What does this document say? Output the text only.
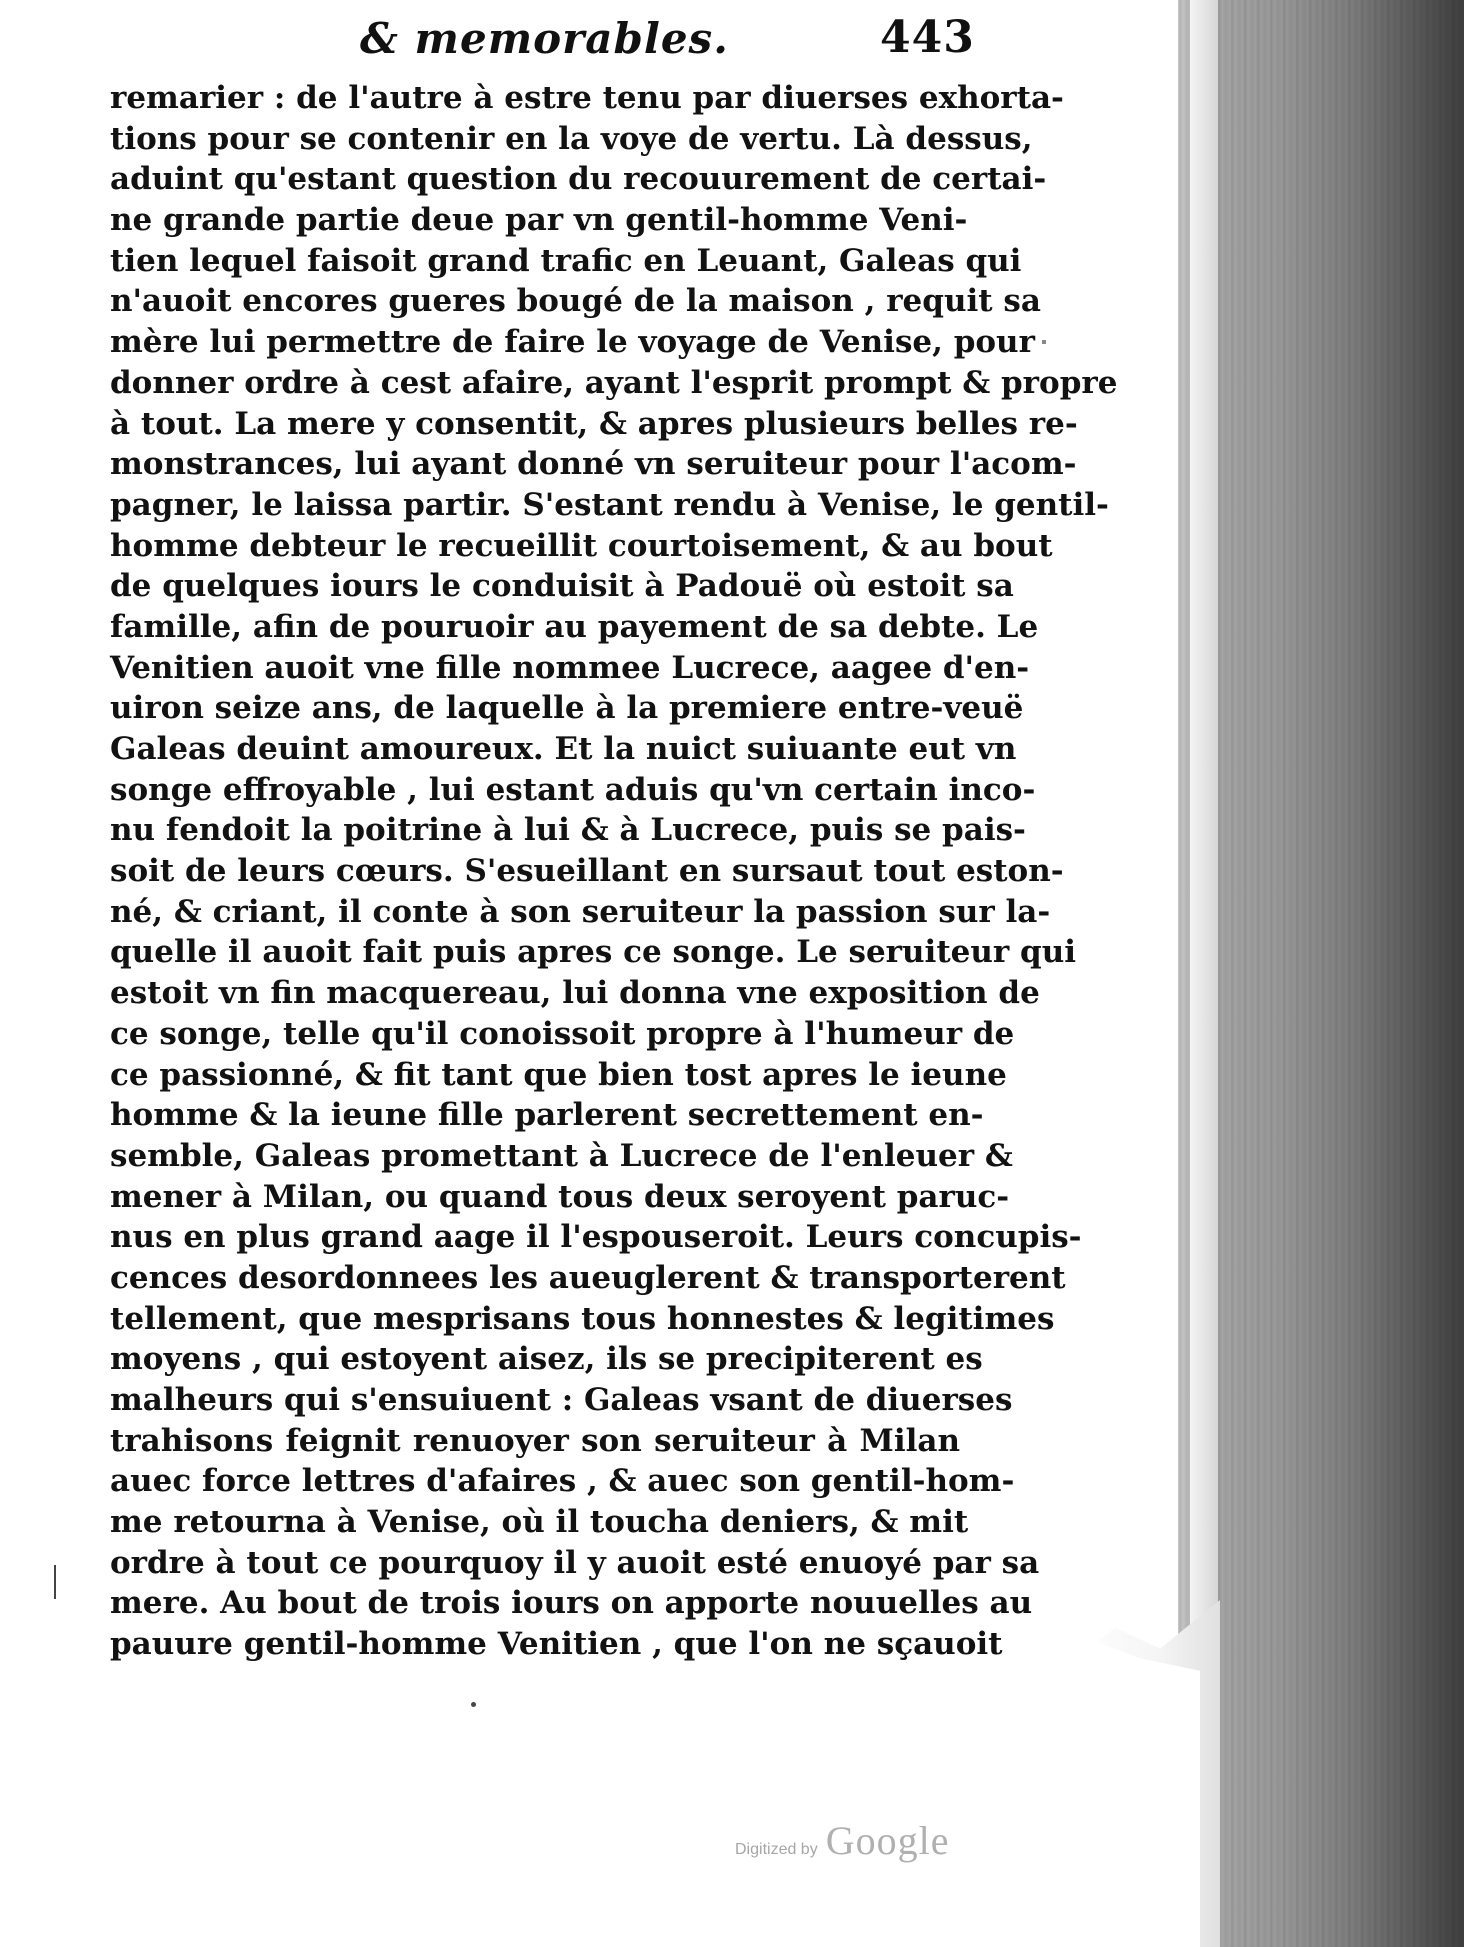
& memorables.	443
remarier : de l'autre à estre tenu par diuerses exhorta-
tions pour se contenir en la voye de vertu. Là dessus,
aduint qu'estant question du recouurement de certai-
ne grande partie deue par vn gentil-homme Veni-
tien lequel faisoit grand trafic en Leuant, Galeas qui
n'auoit encores gueres bougé de la maison , requit sa
mère lui permettre de faire le voyage de Venise, pour
donner ordre à cest afaire, ayant l'esprit prompt & propre
à tout. La mere y consentit, & apres plusieurs belles re-
monstrances, lui ayant donné vn seruiteur pour l'acom-
pagner, le laissa partir. S'estant rendu à Venise, le gentil-
homme debteur le recueillit courtoisement, & au bout
de quelques iours le conduisit à Padouë où estoit sa
famille, afin de pouruoir au payement de sa debte. Le
Venitien auoit vne fille nommee Lucrece, aagee d'en-
uiron seize ans, de laquelle à la premiere entre-veuë
Galeas deuint amoureux. Et la nuict suiuante eut vn
songe effroyable , lui estant aduis qu'vn certain inco-
nu fendoit la poitrine à lui & à Lucrece, puis se pais-
soit de leurs cœurs. S'esueillant en sursaut tout eston-
né, & criant, il conte à son seruiteur la passion sur la-
quelle il auoit fait puis apres ce songe. Le seruiteur qui
estoit vn fin macquereau, lui donna vne exposition de
ce songe, telle qu'il conoissoit propre à l'humeur de
ce passionné, & fit tant que bien tost apres le ieune
homme & la ieune fille parlerent secrettement en-
semble, Galeas promettant à Lucrece de l'enleuer &
mener à Milan, ou quand tous deux seroyent paruc-
nus en plus grand aage il l'espouseroit. Leurs concupis-
cences desordonnees les aueuglerent & transporterent
tellement, que mesprisans tous honnestes & legitimes
moyens , qui estoyent aisez, ils se precipiterent es
malheurs qui s'ensuiuent : Galeas vsant de diuerses
trahisons feignit renuoyer son seruiteur à Milan
auec force lettres d'afaires , & auec son gentil-hom-
me retourna à Venise, où il toucha deniers, & mit
ordre à tout ce pourquoy il y auoit esté enuoyé par sa
mere. Au bout de trois iours on apporte nouuelles au
pauure gentil-homme Venitien , que l'on ne sçauoit
Digitized by Google
